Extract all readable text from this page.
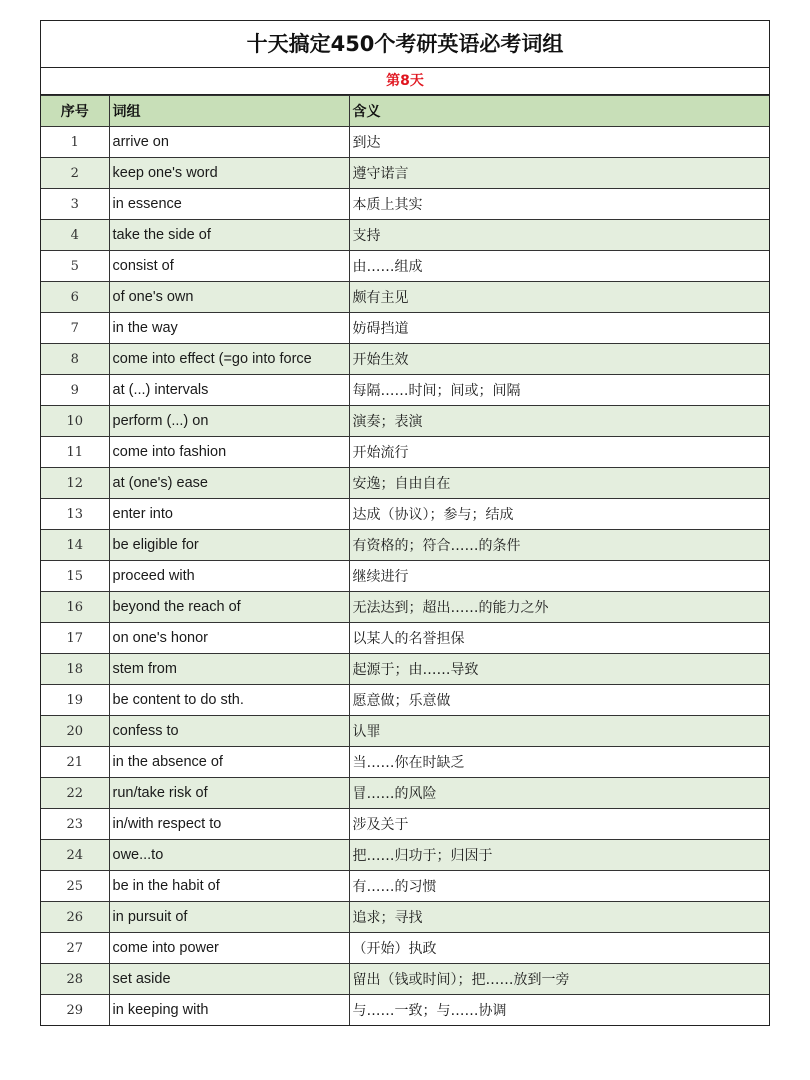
十天搞定450个考研英语必考词组
第8天
序号	词组	含义
1	arrive on	到达
2	keep one's word	遵守诺言
3	in essence	本质上其实
4	take the side of	支持
5	consist of	由……组成
6	of one's own	颇有主见
7	in the way	妨碍挡道
8	come into effect (=go into force	开始生效
9	at (...) intervals	每隔……时间；间或；间隔
10	perform (...) on	演奏；表演
11	come into fashion	开始流行
12	at (one's) ease	安逸；自由自在
13	enter into	达成（协议）；参与；结成
14	be eligible for	有资格的；符合……的条件
15	proceed with	继续进行
16	beyond the reach of	无法达到；超出……的能力之外
17	on one's honor	以某人的名誉担保
18	stem from	起源于；由……导致
19	be content to do sth.	愿意做；乐意做
20	confess to	认罪
21	in the absence of	当……你在时缺乏
22	run/take risk of	冒……的风险
23	in/with respect to	涉及关于
24	owe...to	把……归功于；归因于
25	be in the habit of	有……的习惯
26	in pursuit of	追求；寻找
27	come into power	（开始）执政
28	set aside	留出（钱或时间）；把……放到一旁
29	in keeping with	与……一致；与……协调
